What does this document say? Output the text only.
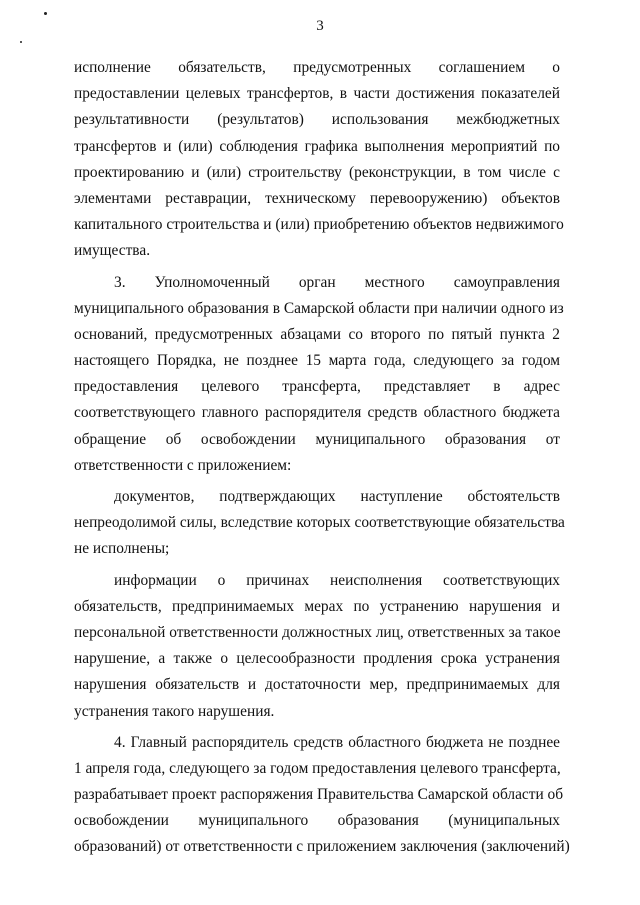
3
исполнение обязательств, предусмотренных соглашением о
предоставлении целевых трансфертов, в части достижения показателей
результативности (результатов) использования межбюджетных
трансфертов и (или) соблюдения графика выполнения мероприятий по
проектированию и (или) строительству (реконструкции, в том числе с
элементами реставрации, техническому перевооружению) объектов
капитального строительства и (или) приобретению объектов недвижимого
имущества.
3. Уполномоченный орган местного самоуправления
муниципального образования в Самарской области при наличии одного из
оснований, предусмотренных абзацами со второго по пятый пункта 2
настоящего Порядка, не позднее 15 марта года, следующего за годом
предоставления целевого трансферта, представляет в адрес
соответствующего главного распорядителя средств областного бюджета
обращение об освобождении муниципального образования от
ответственности с приложением:
документов, подтверждающих наступление обстоятельств
непреодолимой силы, вследствие которых соответствующие обязательства
не исполнены;
информации о причинах неисполнения соответствующих
обязательств, предпринимаемых мерах по устранению нарушения и
персональной ответственности должностных лиц, ответственных за такое
нарушение, а также о целесообразности продления срока устранения
нарушения обязательств и достаточности мер, предпринимаемых для
устранения такого нарушения.
4. Главный распорядитель средств областного бюджета не позднее
1 апреля года, следующего за годом предоставления целевого трансферта,
разрабатывает проект распоряжения Правительства Самарской области об
освобождении муниципального образования (муниципальных
образований) от ответственности с приложением заключения (заключений)
